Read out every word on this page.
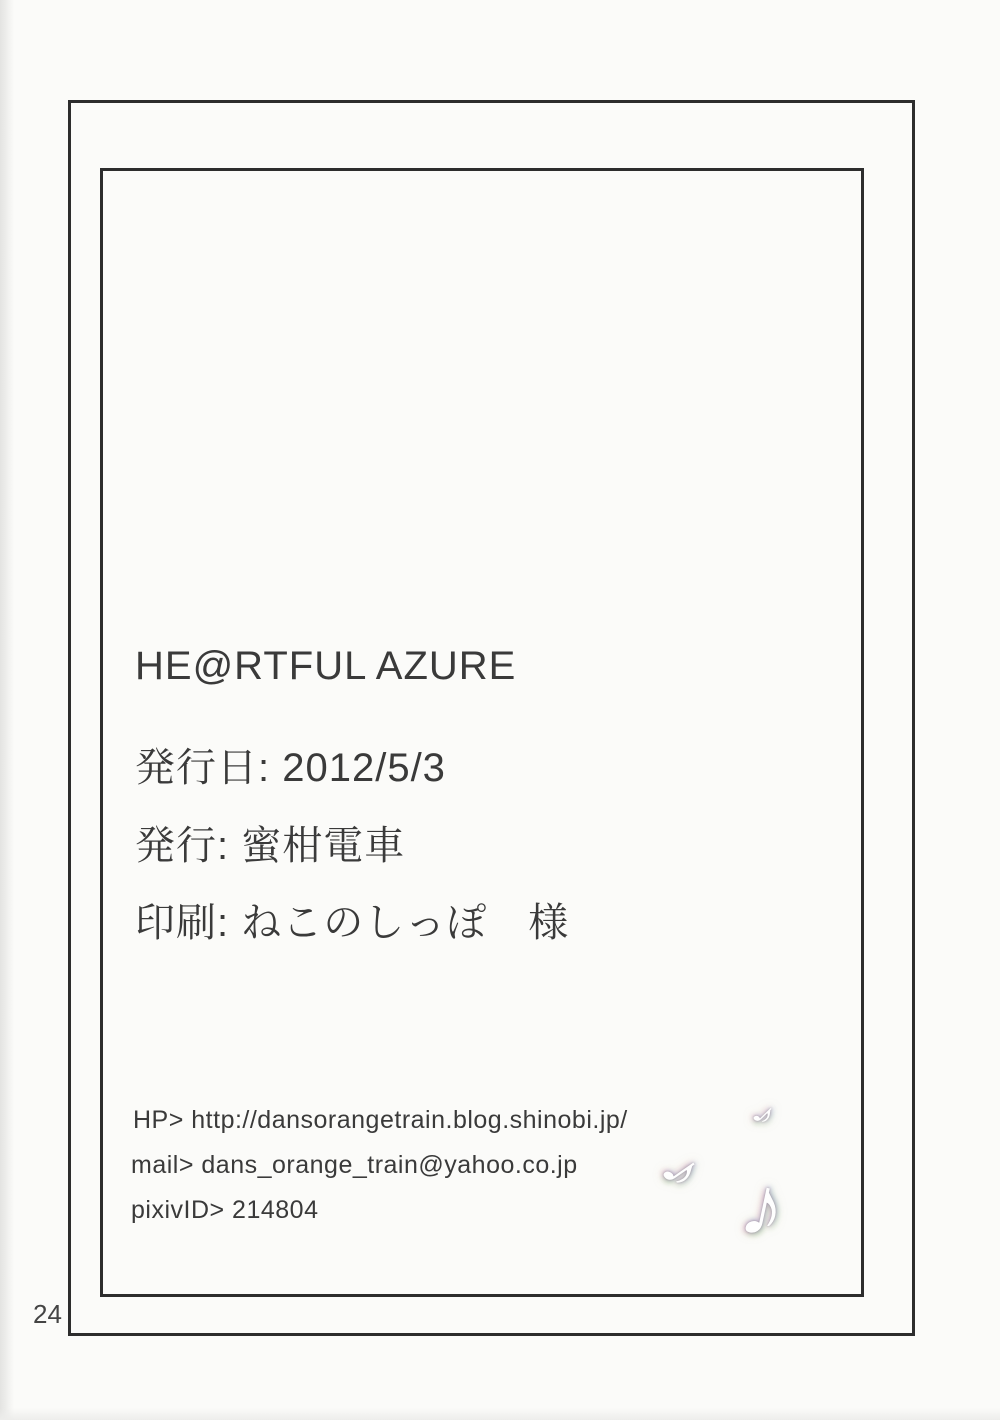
HE@RTFUL AZURE
発行日: 2012/5/3
発行: 蜜柑電車
印刷: ねこのしっぽ　様
HP> http://dansorangetrain.blog.shinobi.jp/
mail> dans_orange_train@yahoo.co.jp
pixivID> 214804
24
♪
♪ ♪
